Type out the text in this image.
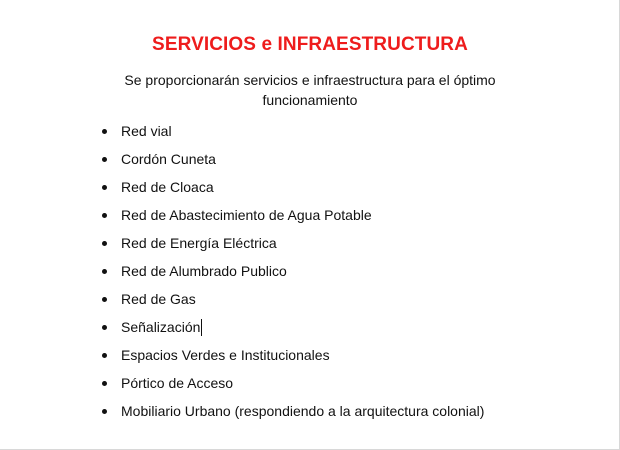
SERVICIOS e INFRAESTRUCTURA
Se proporcionarán servicios e infraestructura para el óptimo funcionamiento
Red vial
Cordón Cuneta
Red de Cloaca
Red de Abastecimiento de Agua Potable
Red de Energía Eléctrica
Red de Alumbrado Publico
Red de Gas
Señalización
Espacios Verdes e Institucionales
Pórtico de Acceso
Mobiliario Urbano (respondiendo a la arquitectura colonial)
